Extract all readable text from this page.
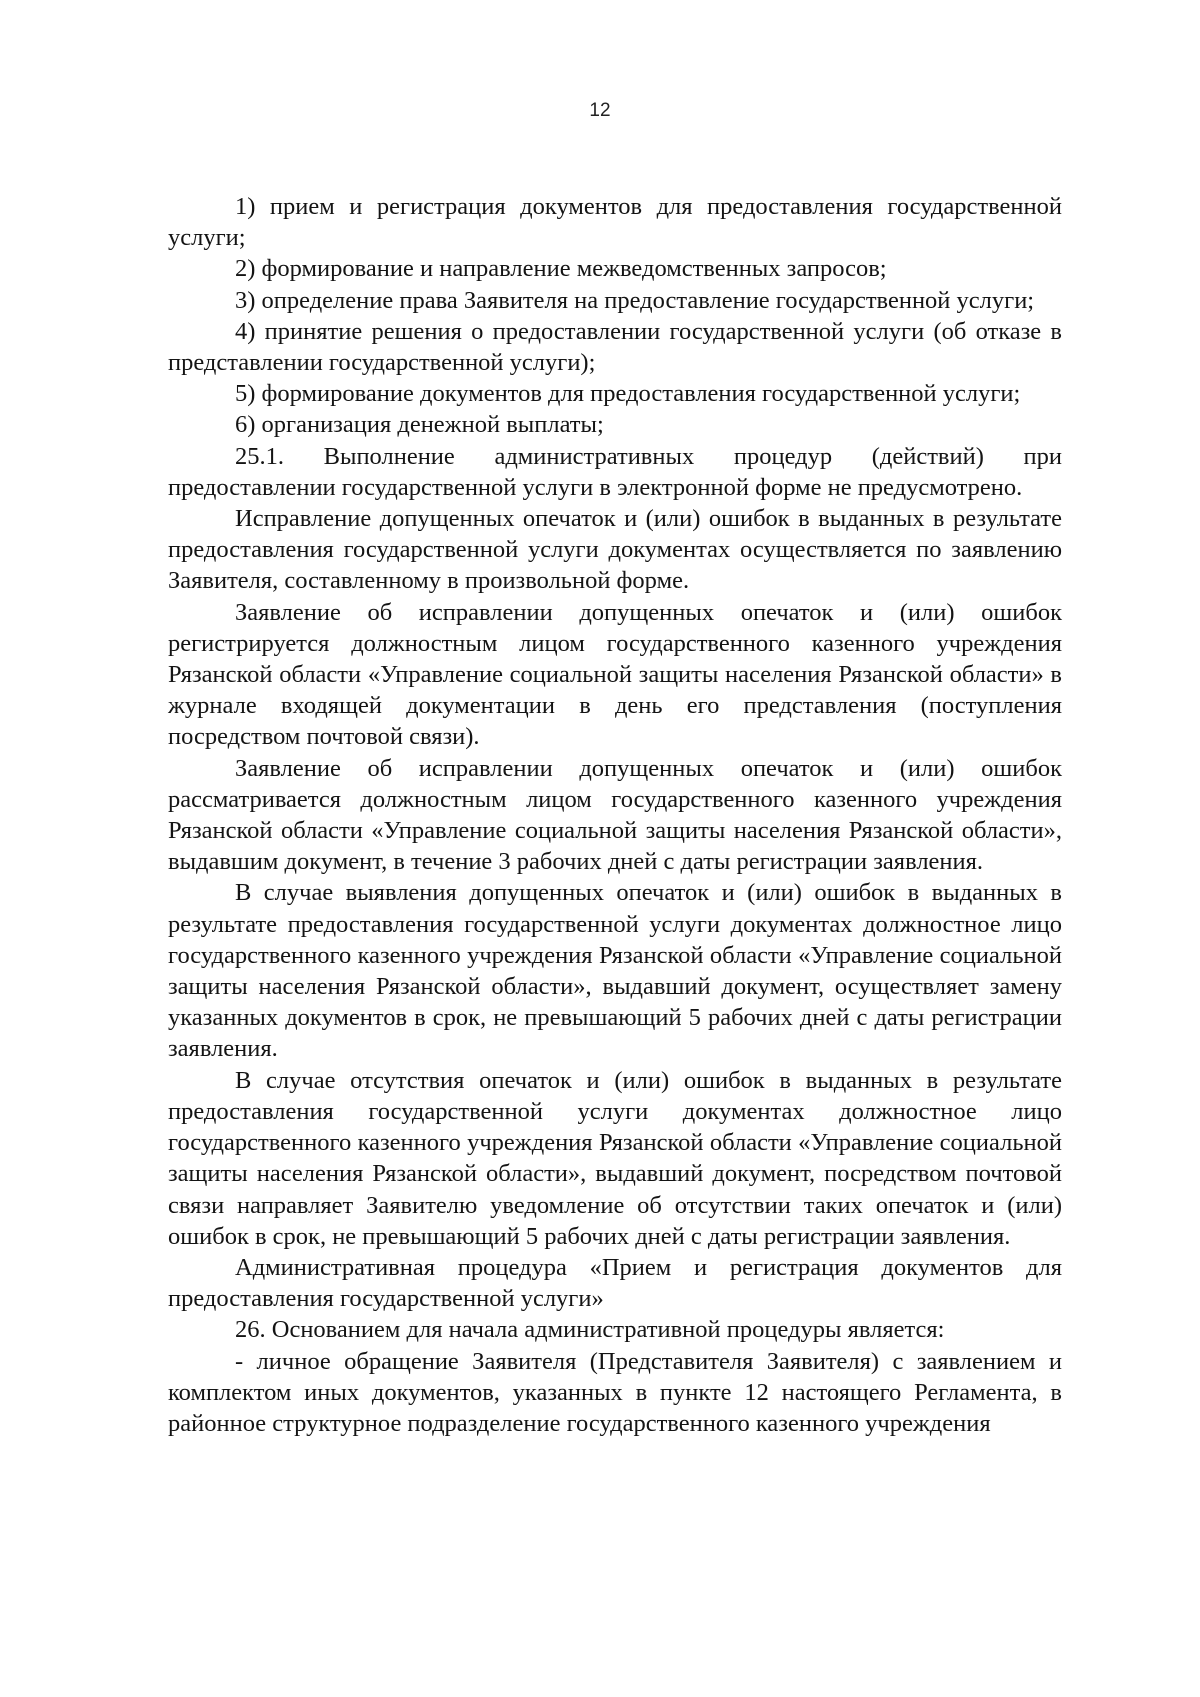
12

1) прием и регистрация документов для предоставления государственной услуги;

2) формирование и направление межведомственных запросов;

3) определение права Заявителя на предоставление государственной услуги;

4) принятие решения о предоставлении государственной услуги (об отказе в представлении государственной услуги);

5) формирование документов для предоставления государственной услуги;

6) организация денежной выплаты;

25.1. Выполнение административных процедур (действий) при предоставлении государственной услуги в электронной форме не предусмотрено.

Исправление допущенных опечаток и (или) ошибок в выданных в результате предоставления государственной услуги документах осуществляется по заявлению Заявителя, составленному в произвольной форме.

Заявление об исправлении допущенных опечаток и (или) ошибок регистрируется должностным лицом государственного казенного учреждения Рязанской области «Управление социальной защиты населения Рязанской области» в журнале входящей документации в день его представления (поступления посредством почтовой связи).

Заявление об исправлении допущенных опечаток и (или) ошибок рассматривается должностным лицом государственного казенного учреждения Рязанской области «Управление социальной защиты населения Рязанской области», выдавшим документ, в течение 3 рабочих дней с даты регистрации заявления.

В случае выявления допущенных опечаток и (или) ошибок в выданных в результате предоставления государственной услуги документах должностное лицо государственного казенного учреждения Рязанской области «Управление социальной защиты населения Рязанской области», выдавший документ, осуществляет замену указанных документов в срок, не превышающий 5 рабочих дней с даты регистрации заявления.

В случае отсутствия опечаток и (или) ошибок в выданных в результате предоставления государственной услуги документах должностное лицо государственного казенного учреждения Рязанской области «Управление социальной защиты населения Рязанской области», выдавший документ, посредством почтовой связи направляет Заявителю уведомление об отсутствии таких опечаток и (или) ошибок в срок, не превышающий 5 рабочих дней с даты регистрации заявления.

Административная процедура «Прием и регистрация документов для предоставления государственной услуги»

26. Основанием для начала административной процедуры является:

- личное обращение Заявителя (Представителя Заявителя) с заявлением и комплектом иных документов, указанных в пункте 12 настоящего Регламента, в районное структурное подразделение государственного казенного учреждения
